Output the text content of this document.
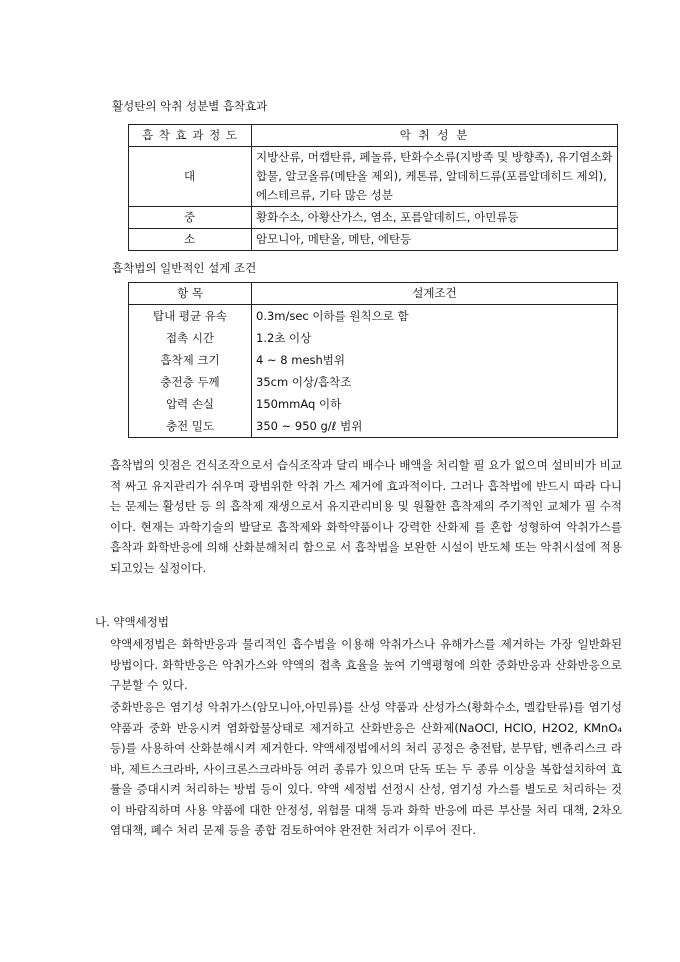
활성탄의 악취 성분별 흡착효과
흡 착 효 과 정 도	악 취 성 분
대	지방산류, 머캡탄류, 페놀류, 탄화수소류(지방족 및 방향족), 유기염소화합물, 알코올류(메탄올 제외), 케톤류, 알데히드류(포름알데히드 제외), 에스테르류, 기타 많은 성분
중	황화수소, 아황산가스, 염소, 포름알데히드, 아민류등
소	암모니아, 메탄올, 메탄, 에탄등
흡착법의 일반적인 설계 조건
항 목	설계조건
탑내 평균 유속	0.3m/sec 이하를 원칙으로 함
접촉 시간	1.2초 이상
흡착제 크기	4 ~ 8 mesh범위
충전층 두께	35cm 이상/흡착조
압력 손실	150mmAq 이하
충전 밀도	350 ~ 950 g/ℓ 범위

흡착법의 잇점은 건식조작으로서 습식조작과 달리 배수나 배액을 처리할 필 요가 없으며 설비비가 비교적 싸고 유지관리가 쉬우며 광범위한 악취 가스 제거에 효과적이다. 그러나 흡착법에 반드시 따라 다니는 문제는 활성탄 등 의 흡착제 재생으로서 유지관리비용 및 원활한 흡착제의 주기적인 교체가 필 수적이다. 현재는 과학기술의 발달로 흡착제와 화학약품이나 강력한 산화제 를 혼합 성형하여 악취가스를 흡착과 화학반응에 의해 산화분해처리 함으로 서 흡착법을 보완한 시설이 반도체 또는 악취시설에 적용되고있는 실정이다.

나. 약액세정법

약액세정법은 화학반응과 물리적인 흡수법을 이용해 악취가스나 유해가스를 제거하는 가장 일반화된 방법이다. 화학반응은 악취가스와 약액의 접촉 효율을 높여 기액평형에 의한 중화반응과 산화반응으로 구분할 수 있다.

중화반응은 염기성 악취가스(암모니아,아민류)를 산성 약품과 산성가스(황화수소, 멜캅탄류)를 염기성약품과 중화 반응시켜 염화합물상태로 제거하고 산화반응은 산화제(NaOCl, HClO, H2O2, KMnO₄ 등)를 사용하여 산화분해시켜 제거한다. 약액세정법에서의 처리 공정은 충전탑, 분무탑, 벤츄리스크 라바, 제트스크라바, 사이크론스크라바등 여러 종류가 있으며 단독 또는 두 종류 이상을 복합설치하여 효률을 증대시켜 처리하는 방법 등이 있다. 약액 세정법 선정시 산성, 염기성 가스를 별도로 처리하는 것이 바람직하며 사용 약품에 대한 안정성, 위험물 대책 등과 화학 반응에 따른 부산물 처리 대책, 2차오염대책, 폐수 처리 문제 등을 종합 검토하여야 완전한 처리가 이루어 진다.
